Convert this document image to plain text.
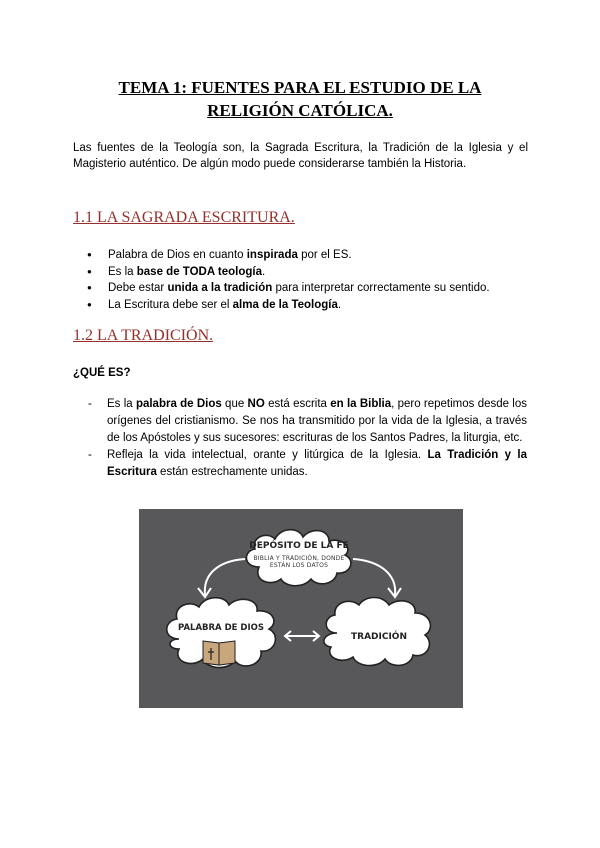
TEMA 1: FUENTES PARA EL ESTUDIO DE LA
RELIGIÓN CATÓLICA.
Las fuentes de la Teología son, la Sagrada Escritura, la Tradición de la Iglesia y el Magisterio auténtico. De algún modo puede considerarse también la Historia.
1.1 LA SAGRADA ESCRITURA.
● Palabra de Dios en cuanto inspirada por el ES.
● Es la base de TODA teología.
● Debe estar unida a la tradición para interpretar correctamente su sentido.
● La Escritura debe ser el alma de la Teología.
1.2 LA TRADICIÓN.
¿QUÉ ES?
- Es la palabra de Dios que NO está escrita en la Biblia, pero repetimos desde los orígenes del cristianismo. Se nos ha transmitido por la vida de la Iglesia, a través de los Apóstoles y sus sucesores: escrituras de los Santos Padres, la liturgia, etc.
- Refleja la vida intelectual, orante y litúrgica de la Iglesia. La Tradición y la Escritura están estrechamente unidas.
DEPÓSITO DE LA FE
BIBLIA Y TRADICIÓN, DONDE
ESTÁN LOS DATOS
PALABRA DE DIOS
TRADICIÓN
